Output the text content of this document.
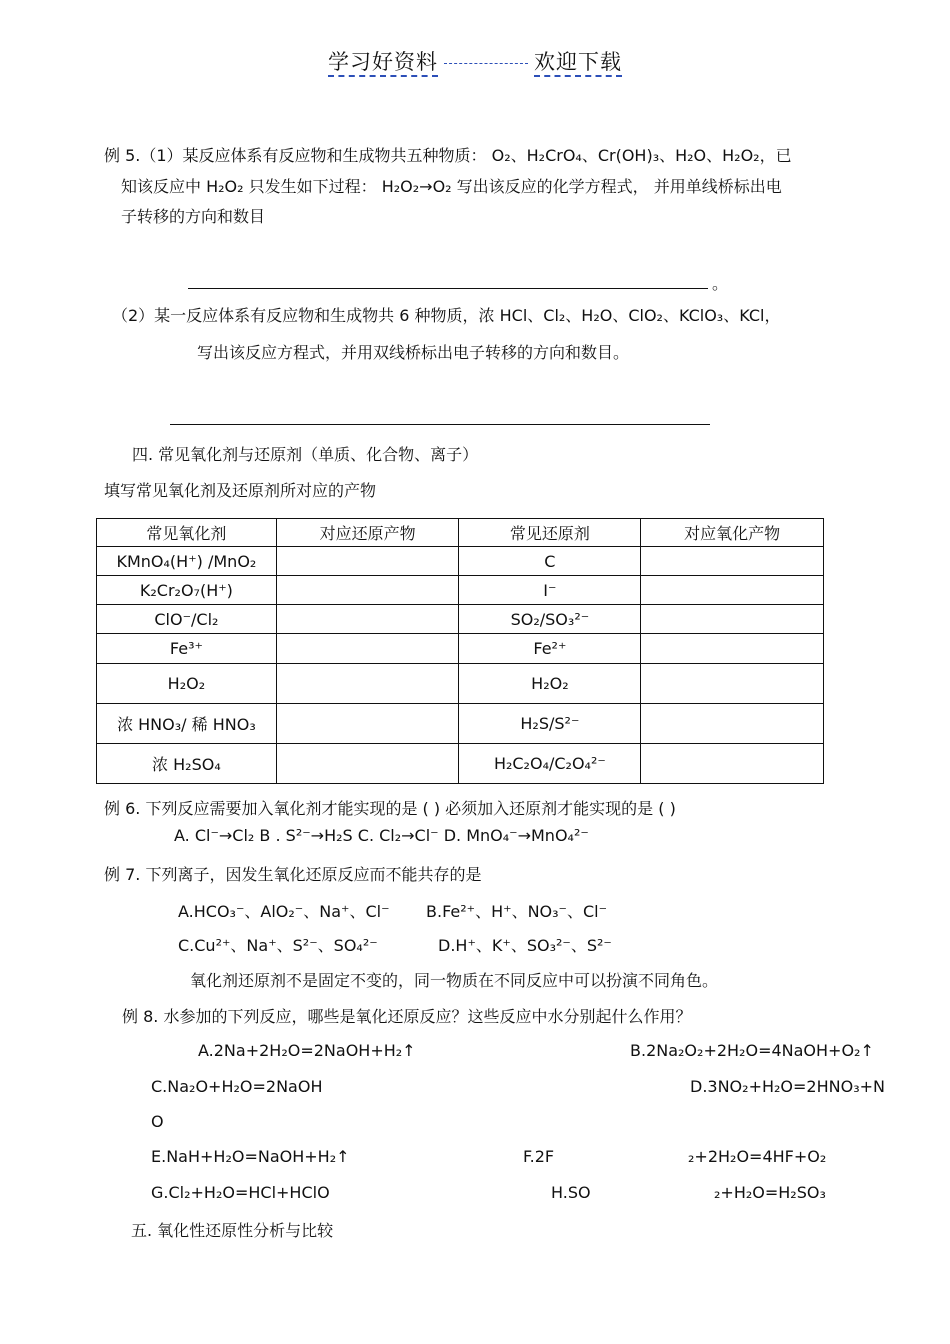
学习好资料	欢迎下载
例 5.（1）某反应体系有反应物和生成物共五种物质： O₂、H₂CrO₄、Cr(OH)₃、H₂O、H₂O₂，已
知该反应中 H₂O₂ 只发生如下过程： H₂O₂→O₂ 写出该反应的化学方程式， 并用单线桥标出电
子转移的方向和数目
。
（2）某一反应体系有反应物和生成物共 6 种物质，浓 HCl、Cl₂、H₂O、ClO₂、KClO₃、KCl，
写出该反应方程式，并用双线桥标出电子转移的方向和数目。
四. 常见氧化剂与还原剂（单质、化合物、离子）
填写常见氧化剂及还原剂所对应的产物
常见氧化剂	对应还原产物	常见还原剂	对应氧化产物
KMnO₄(H⁺) /MnO₂		C	
K₂Cr₂O₇(H⁺)		I⁻	
ClO⁻/Cl₂		SO₂/SO₃²⁻	
Fe³⁺		Fe²⁺	
H₂O₂		H₂O₂	
浓 HNO₃/ 稀 HNO₃		H₂S/S²⁻	
浓 H₂SO₄		H₂C₂O₄/C₂O₄²⁻	
例 6. 下列反应需要加入氧化剂才能实现的是 ( ) 必须加入还原剂才能实现的是 ( )
A. Cl⁻→Cl₂ B . S²⁻→H₂S C. Cl₂→Cl⁻ D. MnO₄⁻→MnO₄²⁻
例 7. 下列离子，因发生氧化还原反应而不能共存的是
A.HCO₃⁻、AlO₂⁻、Na⁺、Cl⁻ B.Fe²⁺、H⁺、NO₃⁻、Cl⁻
C.Cu²⁺、Na⁺、S²⁻、SO₄²⁻	D.H⁺、K⁺、SO₃²⁻、S²⁻
氧化剂还原剂不是固定不变的，同一物质在不同反应中可以扮演不同角色。
例 8. 水参加的下列反应，哪些是氧化还原反应？这些反应中水分别起什么作用？
A.2Na+2H₂O=2NaOH+H₂↑	B.2Na₂O₂+2H₂O=4NaOH+O₂↑
C.Na₂O+H₂O=2NaOH	D.3NO₂+H₂O=2HNO₃+N
O
E.NaH+H₂O=NaOH+H₂↑	F.2F	₂+2H₂O=4HF+O₂
G.Cl₂+H₂O=HCl+HClO	H.SO	₂+H₂O=H₂SO₃
五. 氧化性还原性分析与比较
